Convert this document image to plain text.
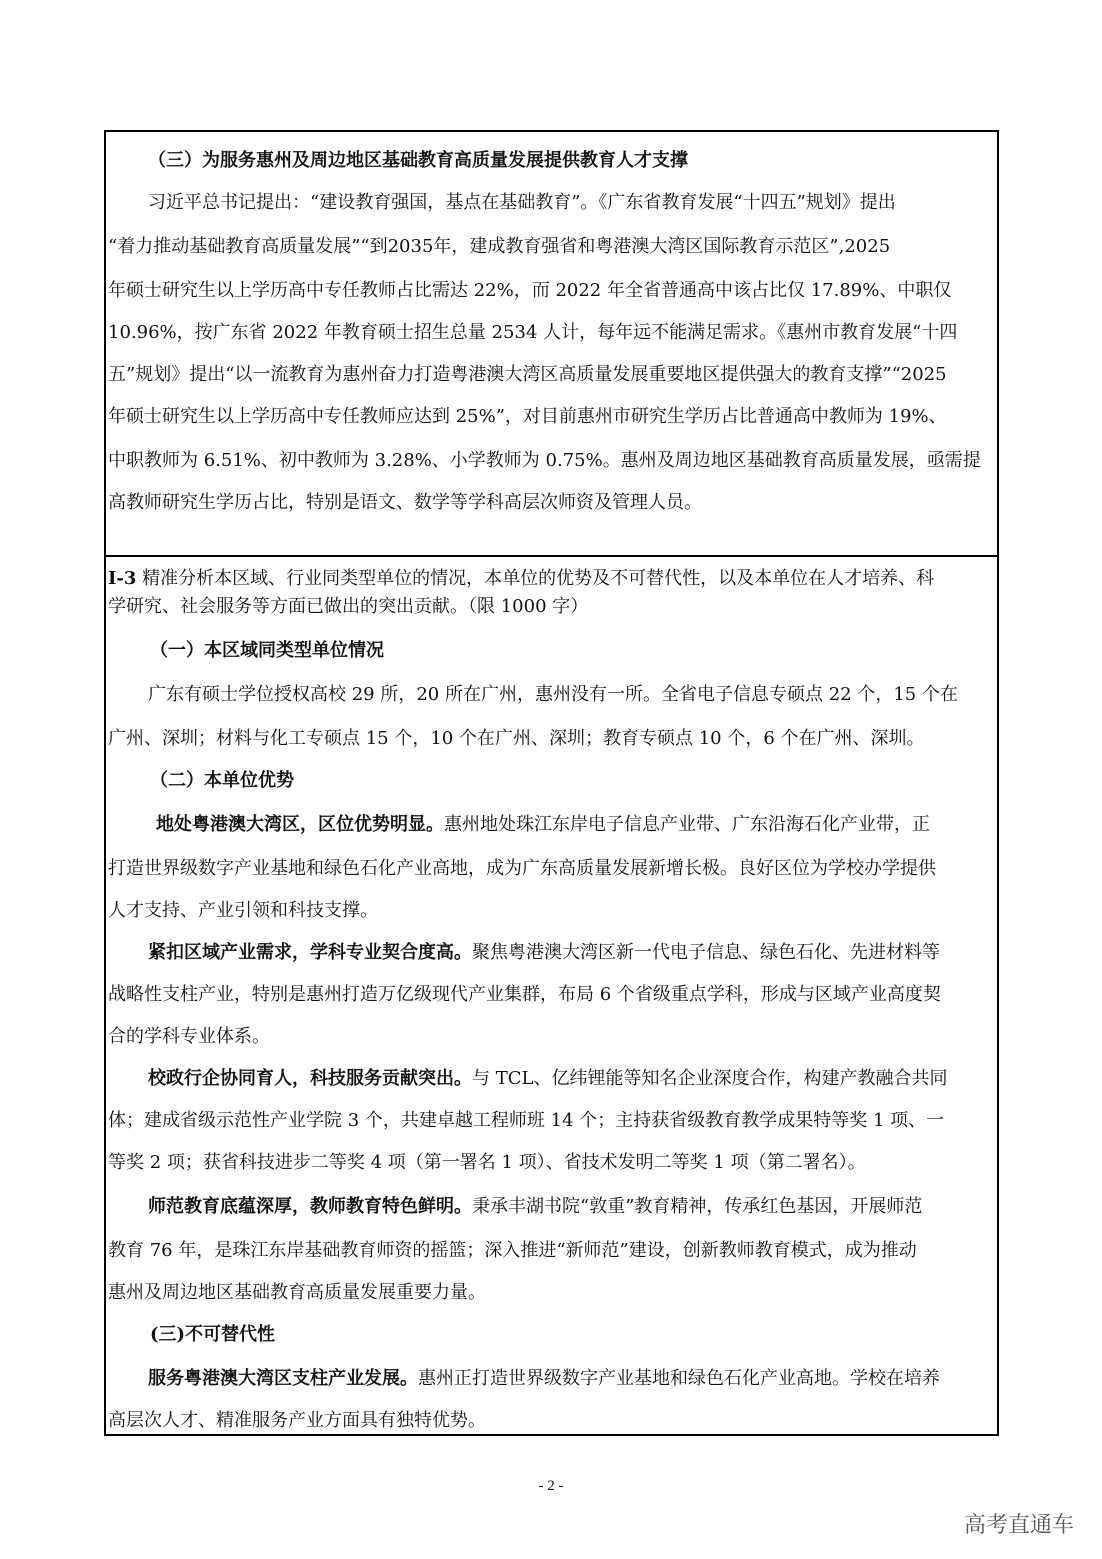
（三）为服务惠州及周边地区基础教育高质量发展提供教育人才支撑
习近平总书记提出：“建设教育强国，基点在基础教育”。《广东省教育发展“十四五”规划》提出
“着力推动基础教育高质量发展”“到2035年，建成教育强省和粤港澳大湾区国际教育示范区”,2025
年硕士研究生以上学历高中专任教师占比需达 22%，而 2022 年全省普通高中该占比仅 17.89%、中职仅
10.96%，按广东省 2022 年教育硕士招生总量 2534 人计，每年远不能满足需求。《惠州市教育发展“十四
五”规划》提出“以一流教育为惠州奋力打造粤港澳大湾区高质量发展重要地区提供强大的教育支撑”“2025
年硕士研究生以上学历高中专任教师应达到 25%”，对目前惠州市研究生学历占比普通高中教师为 19%、
中职教师为 6.51%、初中教师为 3.28%、小学教师为 0.75%。惠州及周边地区基础教育高质量发展，亟需提
高教师研究生学历占比，特别是语文、数学等学科高层次师资及管理人员。
I-3 精准分析本区域、行业同类型单位的情况，本单位的优势及不可替代性，以及本单位在人才培养、科
学研究、社会服务等方面已做出的突出贡献。（限 1000 字）
（一）本区域同类型单位情况
广东有硕士学位授权高校 29 所，20 所在广州，惠州没有一所。全省电子信息专硕点 22 个，15 个在
广州、深圳；材料与化工专硕点 15 个，10 个在广州、深圳；教育专硕点 10 个，6 个在广州、深圳。
（二）本单位优势
地处粤港澳大湾区，区位优势明显。惠州地处珠江东岸电子信息产业带、广东沿海石化产业带，正
打造世界级数字产业基地和绿色石化产业高地，成为广东高质量发展新增长极。良好区位为学校办学提供
人才支持、产业引领和科技支撑。
紧扣区域产业需求，学科专业契合度高。聚焦粤港澳大湾区新一代电子信息、绿色石化、先进材料等
战略性支柱产业，特别是惠州打造万亿级现代产业集群，布局 6 个省级重点学科，形成与区域产业高度契
合的学科专业体系。
校政行企协同育人，科技服务贡献突出。与 TCL、亿纬锂能等知名企业深度合作，构建产教融合共同
体；建成省级示范性产业学院 3 个，共建卓越工程师班 14 个；主持获省级教育教学成果特等奖 1 项、一
等奖 2 项；获省科技进步二等奖 4 项（第一署名 1 项）、省技术发明二等奖 1 项（第二署名）。
师范教育底蕴深厚，教师教育特色鲜明。秉承丰湖书院“敦重”教育精神，传承红色基因，开展师范
教育 76 年，是珠江东岸基础教育师资的摇篮；深入推进“新师范”建设，创新教师教育模式，成为推动
惠州及周边地区基础教育高质量发展重要力量。
(三)不可替代性
服务粤港澳大湾区支柱产业发展。惠州正打造世界级数字产业基地和绿色石化产业高地。学校在培养
高层次人才、精准服务产业方面具有独特优势。
- 2 -
高考直通车
